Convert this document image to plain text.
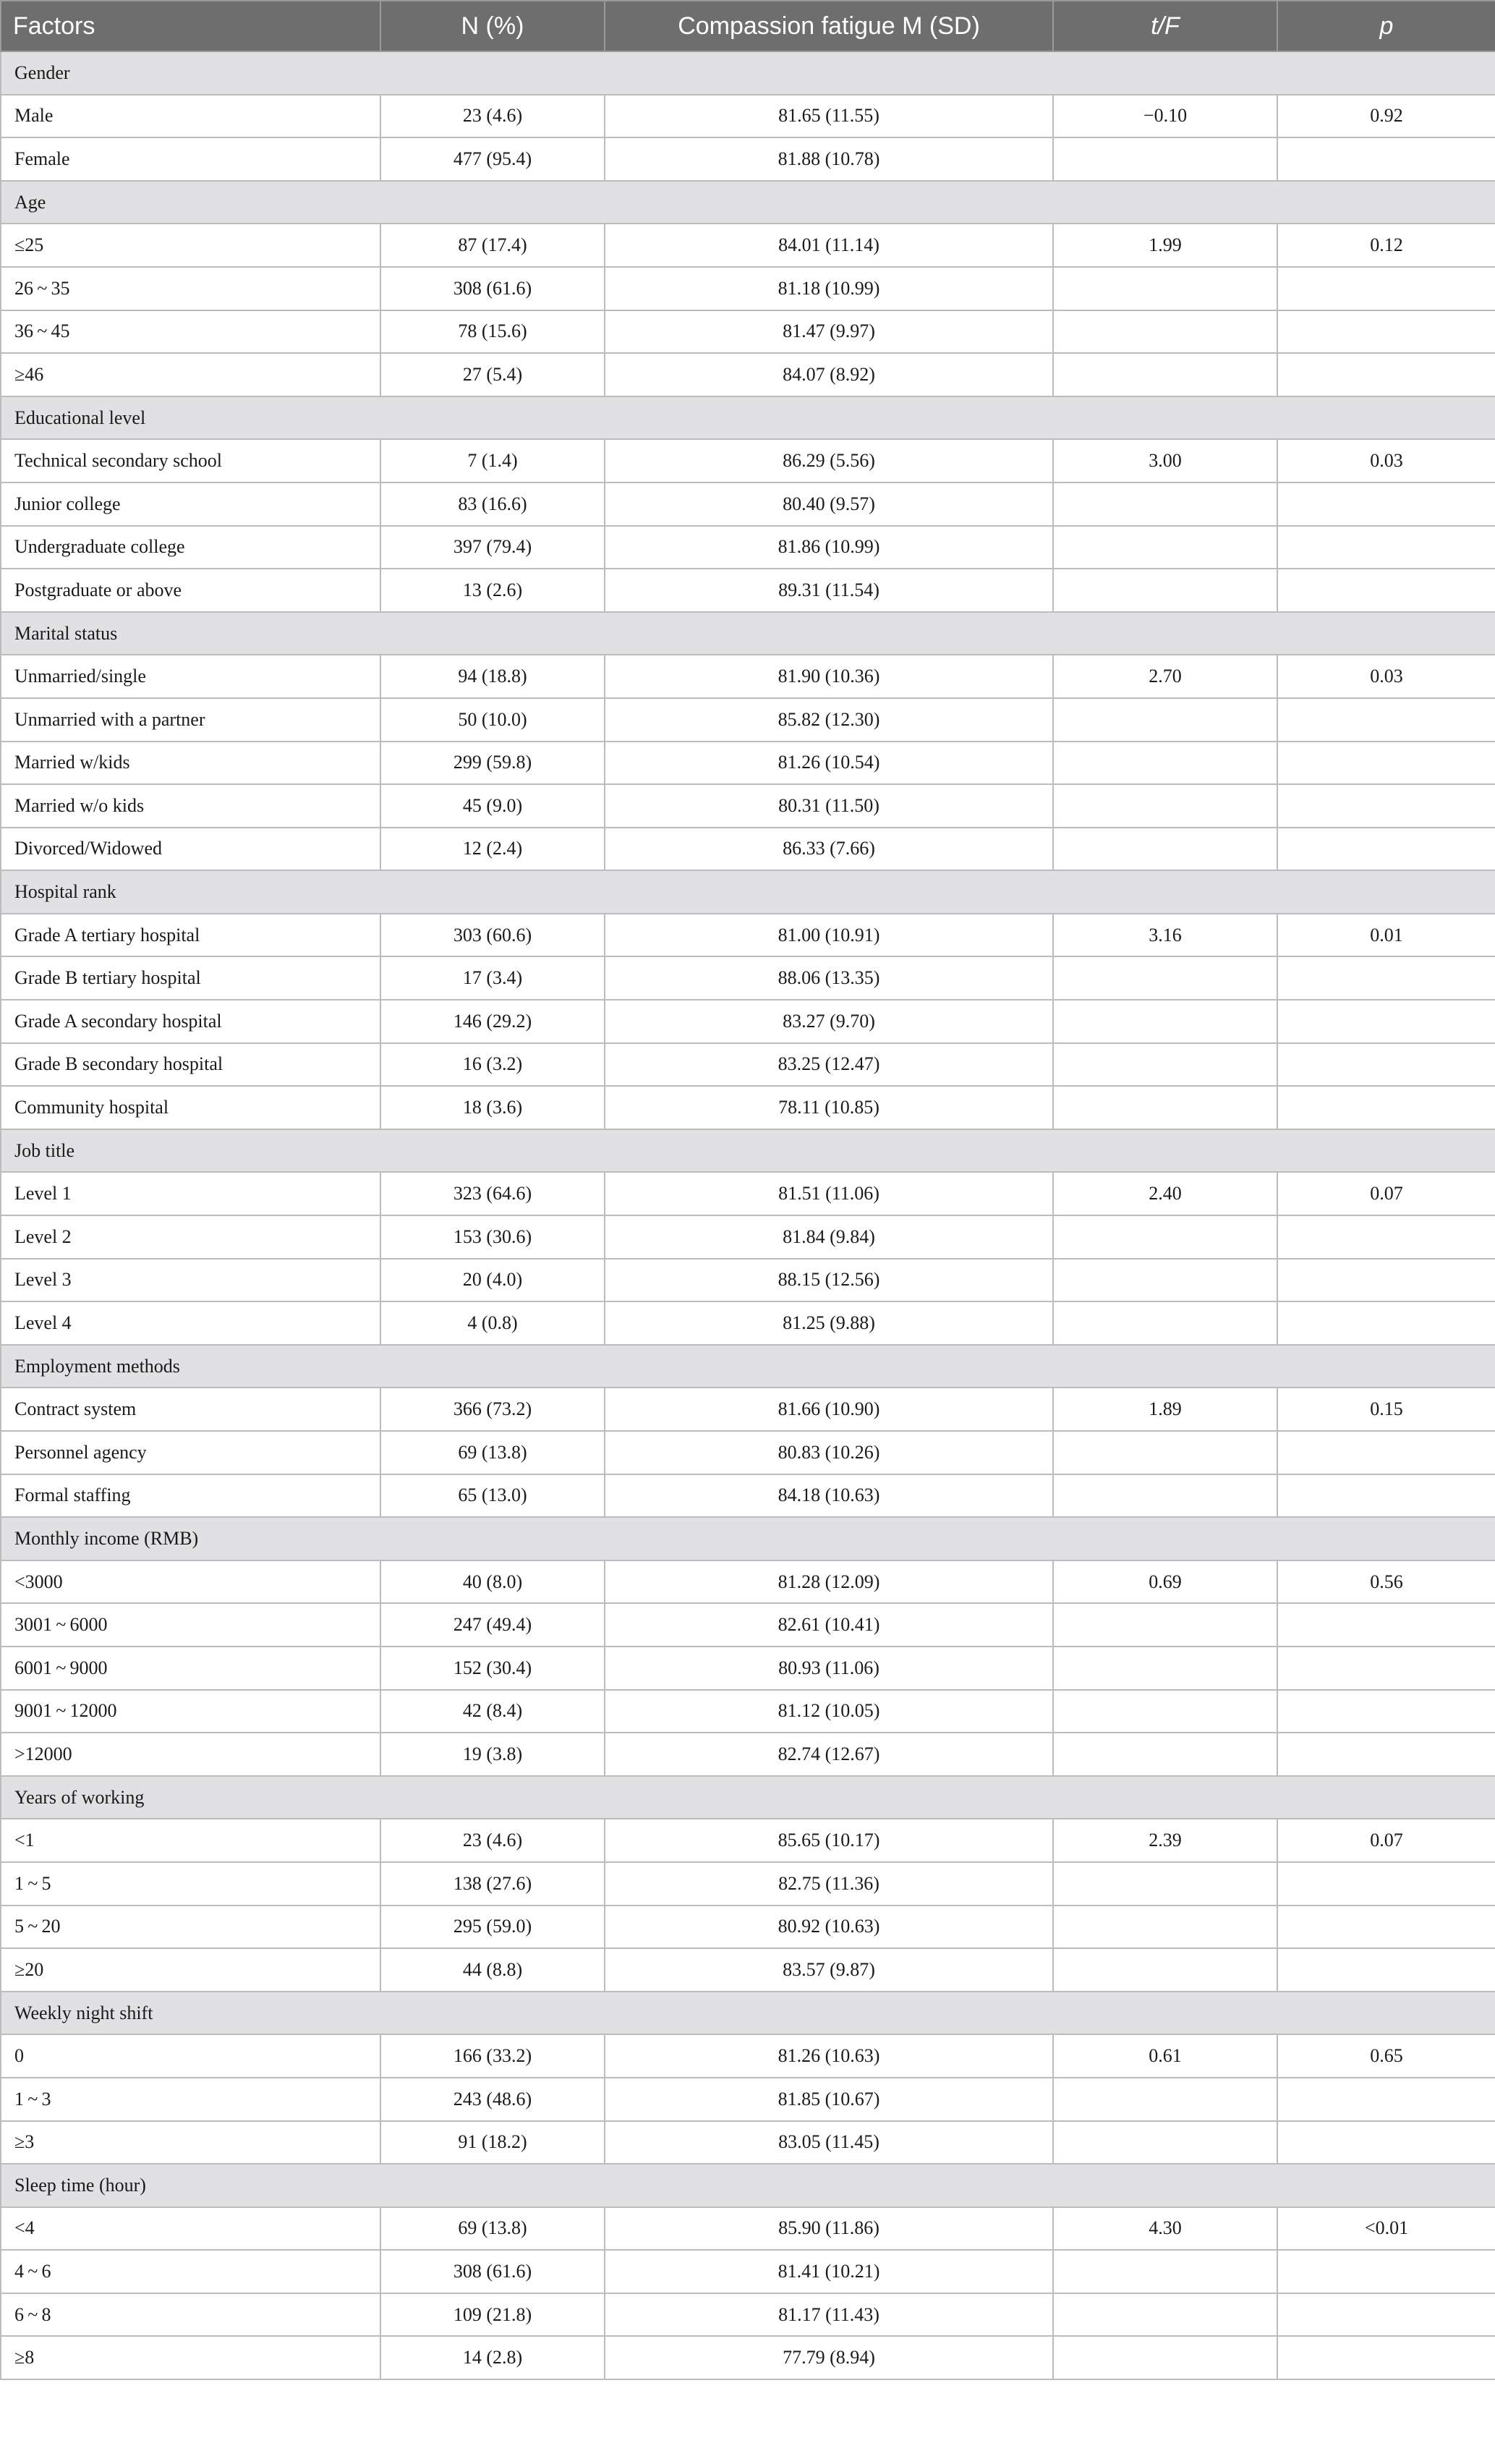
Factors	N (%)	Compassion fatigue M (SD)	t/F	p
Gender				
Male	23 (4.6)	81.65 (11.55)	−0.10	0.92
Female	477 (95.4)	81.88 (10.78)		
Age				
≤25	87 (17.4)	84.01 (11.14)	1.99	0.12
26 ~ 35	308 (61.6)	81.18 (10.99)		
36 ~ 45	78 (15.6)	81.47 (9.97)		
≥46	27 (5.4)	84.07 (8.92)		
Educational level				
Technical secondary school	7 (1.4)	86.29 (5.56)	3.00	0.03
Junior college	83 (16.6)	80.40 (9.57)		
Undergraduate college	397 (79.4)	81.86 (10.99)		
Postgraduate or above	13 (2.6)	89.31 (11.54)		
Marital status				
Unmarried/single	94 (18.8)	81.90 (10.36)	2.70	0.03
Unmarried with a partner	50 (10.0)	85.82 (12.30)		
Married w/kids	299 (59.8)	81.26 (10.54)		
Married w/o kids	45 (9.0)	80.31 (11.50)		
Divorced/Widowed	12 (2.4)	86.33 (7.66)		
Hospital rank				
Grade A tertiary hospital	303 (60.6)	81.00 (10.91)	3.16	0.01
Grade B tertiary hospital	17 (3.4)	88.06 (13.35)		
Grade A secondary hospital	146 (29.2)	83.27 (9.70)		
Grade B secondary hospital	16 (3.2)	83.25 (12.47)		
Community hospital	18 (3.6)	78.11 (10.85)		
Job title				
Level 1	323 (64.6)	81.51 (11.06)	2.40	0.07
Level 2	153 (30.6)	81.84 (9.84)		
Level 3	20 (4.0)	88.15 (12.56)		
Level 4	4 (0.8)	81.25 (9.88)		
Employment methods				
Contract system	366 (73.2)	81.66 (10.90)	1.89	0.15
Personnel agency	69 (13.8)	80.83 (10.26)		
Formal staffing	65 (13.0)	84.18 (10.63)		
Monthly income (RMB)				
<3000	40 (8.0)	81.28 (12.09)	0.69	0.56
3001 ~ 6000	247 (49.4)	82.61 (10.41)		
6001 ~ 9000	152 (30.4)	80.93 (11.06)		
9001 ~ 12000	42 (8.4)	81.12 (10.05)		
>12000	19 (3.8)	82.74 (12.67)		
Years of working				
<1	23 (4.6)	85.65 (10.17)	2.39	0.07
1 ~ 5	138 (27.6)	82.75 (11.36)		
5 ~ 20	295 (59.0)	80.92 (10.63)		
≥20	44 (8.8)	83.57 (9.87)		
Weekly night shift				
0	166 (33.2)	81.26 (10.63)	0.61	0.65
1 ~ 3	243 (48.6)	81.85 (10.67)		
≥3	91 (18.2)	83.05 (11.45)		
Sleep time (hour)				
<4	69 (13.8)	85.90 (11.86)	4.30	<0.01
4 ~ 6	308 (61.6)	81.41 (10.21)		
6 ~ 8	109 (21.8)	81.17 (11.43)		
≥8	14 (2.8)	77.79 (8.94)		
